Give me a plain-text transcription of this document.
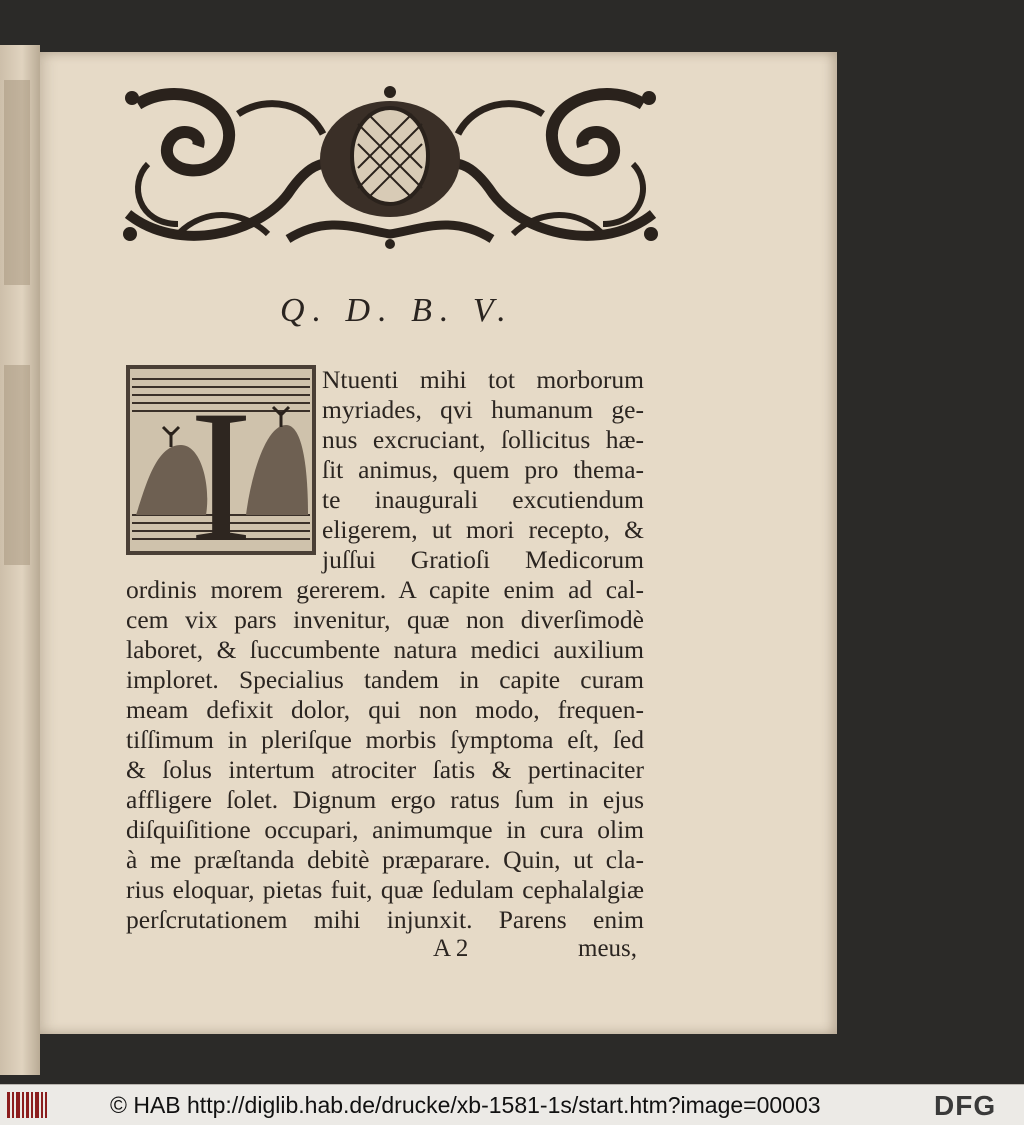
Q. D. B. V.

I	Ntuenti mihi tot morborum

myriades, qvi humanum ge-

nus excruciant, ſollicitus hæ-

ſit animus, quem pro thema-

te inaugurali excutiendum

eligerem, ut mori recepto, &

juſſui Gratioſi Medicorum

ordinis morem gererem. A capite enim ad cal-

cem vix pars invenitur, quæ non diverſimodè

laboret, & ſuccumbente natura medici auxilium

imploret. Specialius tandem in capite curam

meam defixit dolor, qui non modo, frequen-

tiſſimum in pleriſque morbis ſymptoma eſt, ſed

& ſolus intertum atrociter ſatis & pertinaciter

affligere ſolet. Dignum ergo ratus ſum in ejus

diſquiſitione occupari, animumque in cura olim

à me præſtanda debitè præparare. Quin, ut cla-

rius eloquar, pietas fuit, quæ ſedulam cephalalgiæ

perſcrutationem mihi injunxit. Parens enim

A 2	meus,
© HAB http://diglib.hab.de/drucke/xb-1581-1s/start.htm?image=00003	DFG
